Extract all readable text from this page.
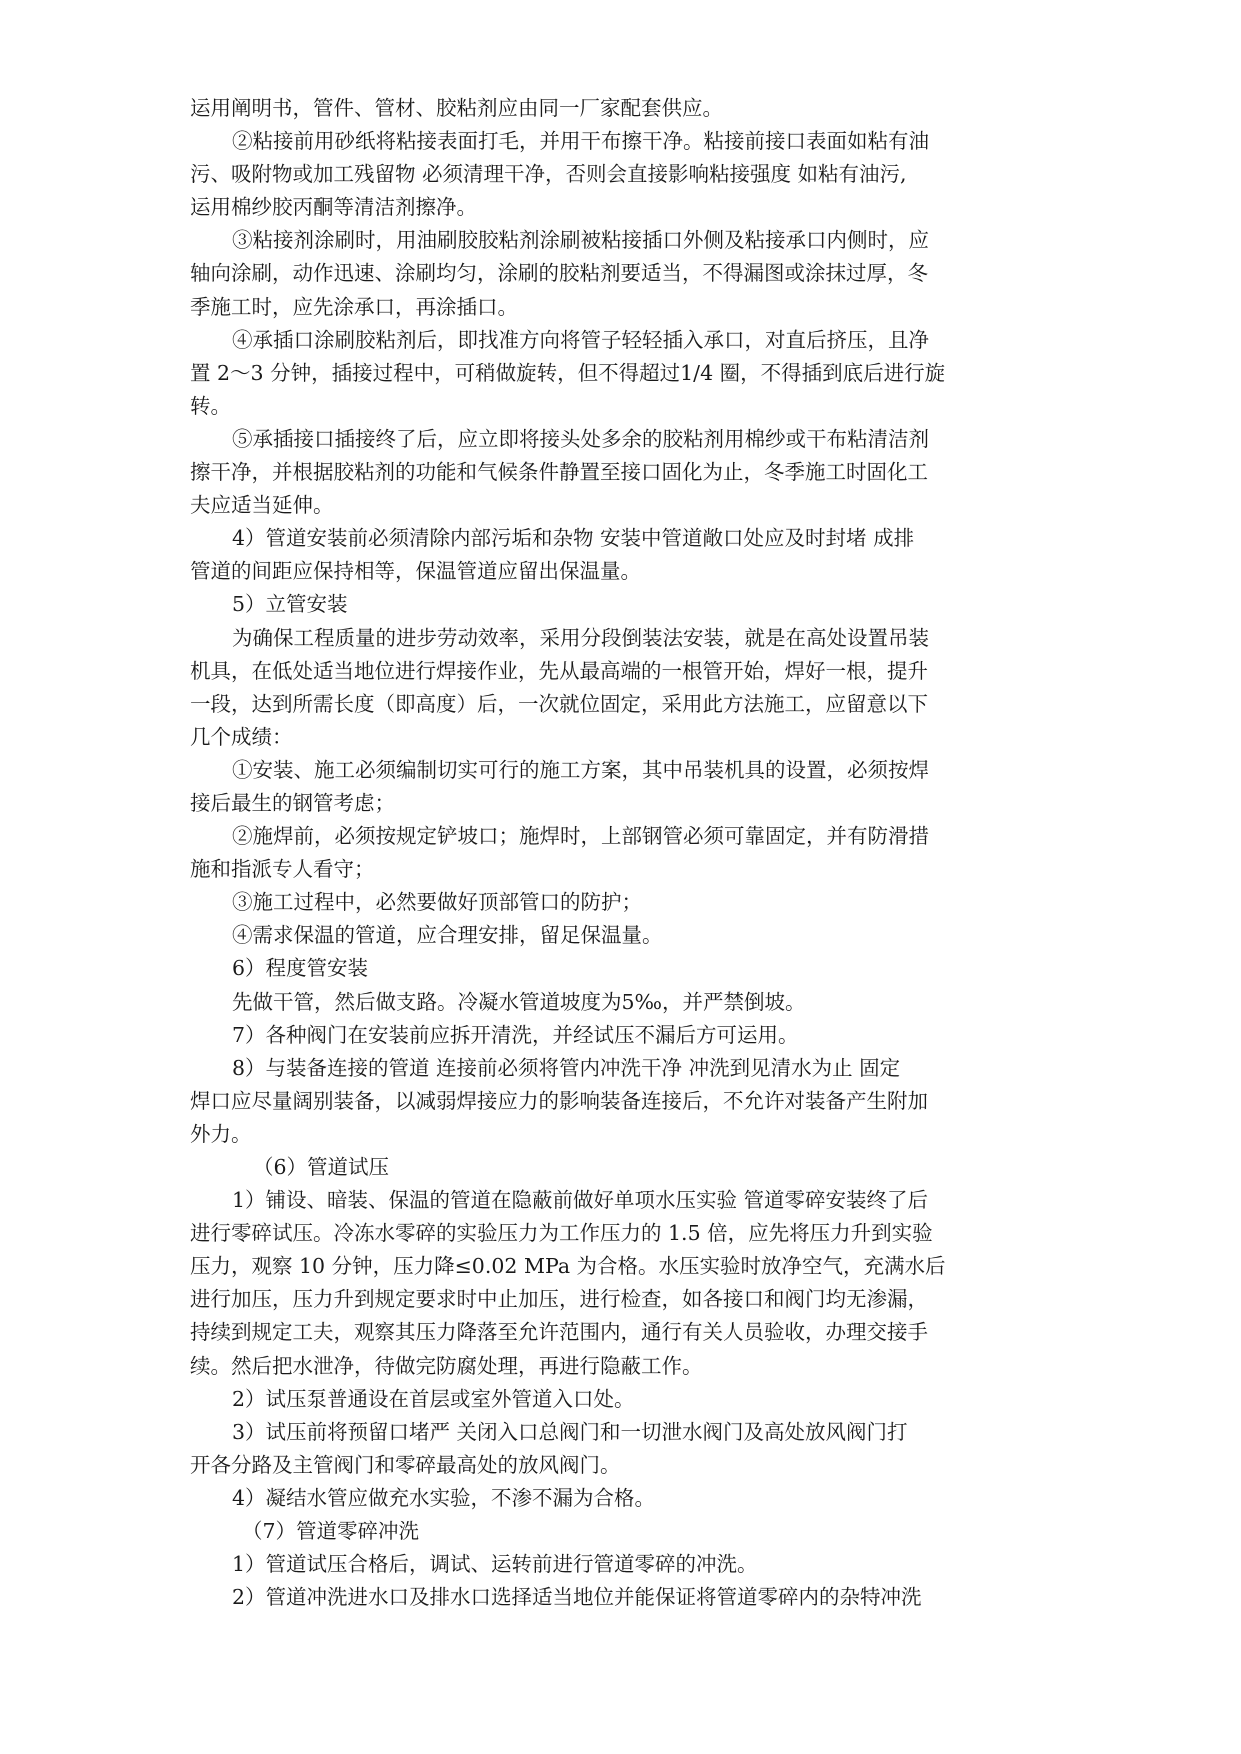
运用阐明书，管件、管材、胶粘剂应由同一厂家配套供应。
②粘接前用砂纸将粘接表面打毛，并用干布擦干净。粘接前接口表面如粘有油
污、吸附物或加工残留物 必须清理干净，否则会直接影响粘接强度 如粘有油污,
运用棉纱胶丙酮等清洁剂擦净。
③粘接剂涂刷时，用油刷胶胶粘剂涂刷被粘接插口外侧及粘接承口内侧时，应
轴向涂刷，动作迅速、涂刷均匀，涂刷的胶粘剂要适当，不得漏图或涂抹过厚，冬
季施工时，应先涂承口，再涂插口。
④承插口涂刷胶粘剂后，即找准方向将管子轻轻插入承口，对直后挤压，且净
置 2～3 分钟，插接过程中，可稍做旋转，但不得超过1/4 圈，不得插到底后进行旋
转。
⑤承插接口插接终了后，应立即将接头处多余的胶粘剂用棉纱或干布粘清洁剂
擦干净，并根据胶粘剂的功能和气候条件静置至接口固化为止，冬季施工时固化工
夫应适当延伸。
4）管道安装前必须清除内部污垢和杂物 安装中管道敞口处应及时封堵 成排
管道的间距应保持相等，保温管道应留出保温量。
5）立管安装
为确保工程质量的进步劳动效率，采用分段倒装法安装，就是在高处设置吊装
机具，在低处适当地位进行焊接作业，先从最高端的一根管开始，焊好一根，提升
一段，达到所需长度（即高度）后，一次就位固定，采用此方法施工，应留意以下
几个成绩：
①安装、施工必须编制切实可行的施工方案，其中吊装机具的设置，必须按焊
接后最生的钢管考虑；
②施焊前，必须按规定铲坡口；施焊时，上部钢管必须可靠固定，并有防滑措
施和指派专人看守；
③施工过程中，必然要做好顶部管口的防护；
④需求保温的管道，应合理安排，留足保温量。
6）程度管安装
先做干管，然后做支路。冷凝水管道坡度为5‰，并严禁倒坡。
7）各种阀门在安装前应拆开清洗，并经试压不漏后方可运用。
8）与装备连接的管道 连接前必须将管内冲洗干净 冲洗到见清水为止 固定
焊口应尽量阔别装备，以减弱焊接应力的影响装备连接后，不允许对装备产生附加
外力。
（6）管道试压
1）铺设、暗装、保温的管道在隐蔽前做好单项水压实验 管道零碎安装终了后
进行零碎试压。冷冻水零碎的实验压力为工作压力的 1.5 倍，应先将压力升到实验
压力，观察 10 分钟，压力降≤0.02 MPa 为合格。水压实验时放净空气，充满水后
进行加压，压力升到规定要求时中止加压，进行检查，如各接口和阀门均无渗漏，
持续到规定工夫，观察其压力降落至允许范围内，通行有关人员验收，办理交接手
续。然后把水泄净，待做完防腐处理，再进行隐蔽工作。
2）试压泵普通设在首层或室外管道入口处。
3）试压前将预留口堵严 关闭入口总阀门和一切泄水阀门及高处放风阀门打
开各分路及主管阀门和零碎最高处的放风阀门。
4）凝结水管应做充水实验，不渗不漏为合格。
（7）管道零碎冲洗
1）管道试压合格后，调试、运转前进行管道零碎的冲洗。
2）管道冲洗进水口及排水口选择适当地位并能保证将管道零碎内的杂特冲洗
